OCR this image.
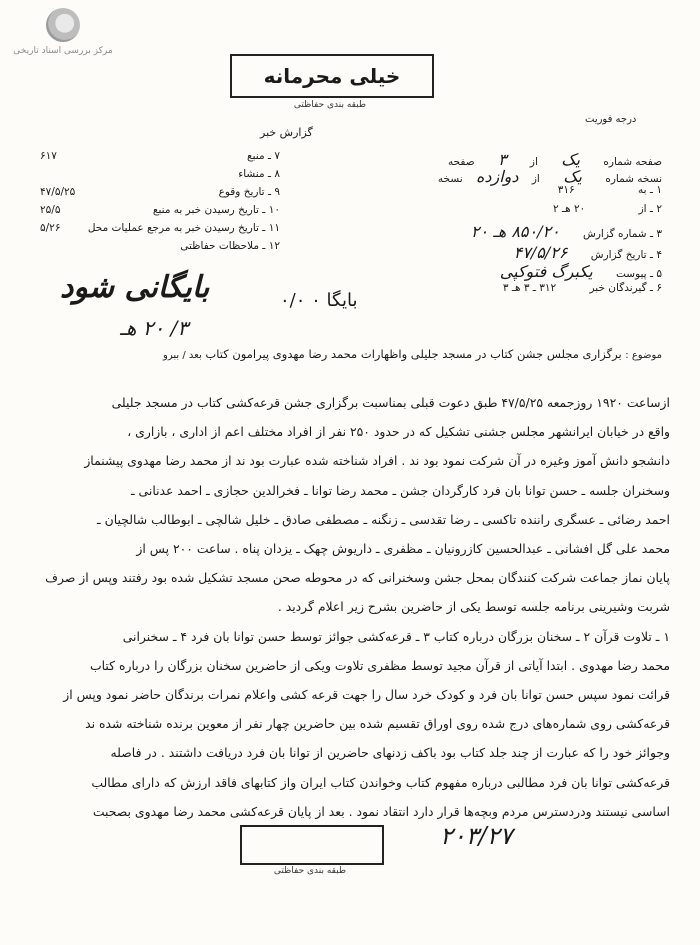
مرکز بررسی اسناد تاریخی
خیلی محرمانه
طبقه بندی حفاظتی
درجه فوریت
گزارش خبر
صفحه شماره یک از ۳ صفحه
نسخه شماره یک از دوازده نسخه
۱ ـ به ۳۱۶
۲ ـ از ۲۰ هـ ۲
۳ ـ شماره گزارش ۸۵۰/۲۰ هـ ۲۰
۴ ـ تاریخ گزارش ۴۷/۵/۲۶
۵ ـ پیوست یکبرگ فتوکپی
۶ ـ گیرندگان خبر ۳۱۲ ـ ۳ هـ ۳
۷ ـ منبع
۶۱۷
۸ ـ منشاء
۹ ـ تاریخ وقوع
۴۷/۵/۲۵
۱۰ ـ تاریخ رسیدن خبر به منبع
۲۵/۵
۱۱ ـ تاریخ رسیدن خبر به مرجع عملیات محل
۵/۲۶
۱۲ ـ ملاحظات حفاظتی
بایگانی شود	بایگا ۰ ۰/۰
۳/ ۲۰ هـ
موضوع : برگزاری مجلس جشن کتاب در مسجد جلیلی واظهارات محمد رضا مهدوی پیرامون کتاب بعد / ببرو

ازساعت ۱۹۲۰ روزجمعه ۴۷/۵/۲۵ طبق دعوت قبلی بمناسبت برگزاری جشن قرعه‌کشی کتاب در مسجد جلیلی

واقع در خیابان ایرانشهر مجلس جشنی تشکیل که در حدود ۲۵۰ نفر از افراد مختلف اعم از اداری ، بازاری ،

دانشجو دانش آموز وغیره در آن شرکت نمود بود ند . افراد شناخته شده عبارت بود ند از محمد رضا مهدوی پیشنماز

وسخنران جلسه ـ حسن توانا بان فرد کارگردان جشن ـ محمد رضا توانا ـ فخرالدین حجازی ـ احمد عدنانی ـ

احمد رضائی ـ عسگری راننده تاکسی ـ رضا تقدسی ـ زنگنه ـ مصطفی صادق ـ خلیل شالچی ـ ابوطالب شالچیان ـ

محمد علی گل افشانی ـ عبدالحسین کازرونیان ـ مظفری ـ داریوش چهک ـ یزدان پناه . ساعت ۲۰۰ پس از

پایان نماز جماعت شرکت کنندگان بمحل جشن وسخنرانی که در محوطه صحن مسجد تشکیل شده بود رفتند وپس از صرف

شربت وشیرینی برنامه جلسه توسط یکی از حاضرین بشرح زیر اعلام گردید .

۱ ـ تلاوت قرآن ۲ ـ سخنان بزرگان درباره کتاب ۳ ـ قرعه‌کشی جوائز توسط حسن توانا بان فرد ۴ ـ سخنرانی

محمد رضا مهدوی . ابتدا آیاتی از قرآن مجید توسط مظفری تلاوت ویکی از حاضرین سخنان بزرگان را درباره کتاب

قرائت نمود سپس حسن توانا بان فرد و کودک خرد سال را جهت قرعه کشی واعلام نمرات برندگان حاضر نمود وپس از

قرعه‌کشی روی شماره‌های درج شده روی اوراق تقسیم شده بین حاضرین چهار نفر از معوین برنده شناخته شده ند

وجوائز خود را که عبارت از چند جلد کتاب بود باکف زدنهای حاضرین از توانا بان فرد دریافت داشتند . در فاصله

قرعه‌کشی توانا بان فرد مطالبی درباره مفهوم کتاب وخواندن کتاب ایران واز کتابهای فاقد ارزش که دارای مطالب

اساسی نیستند ودردسترس مردم وبچه‌ها قرار دارد انتقاد نمود . بعد از پایان قرعه‌کشی محمد رضا مهدوی بصحبت

طبقه بندی حفاظتی
۲۰۳/۲۷
